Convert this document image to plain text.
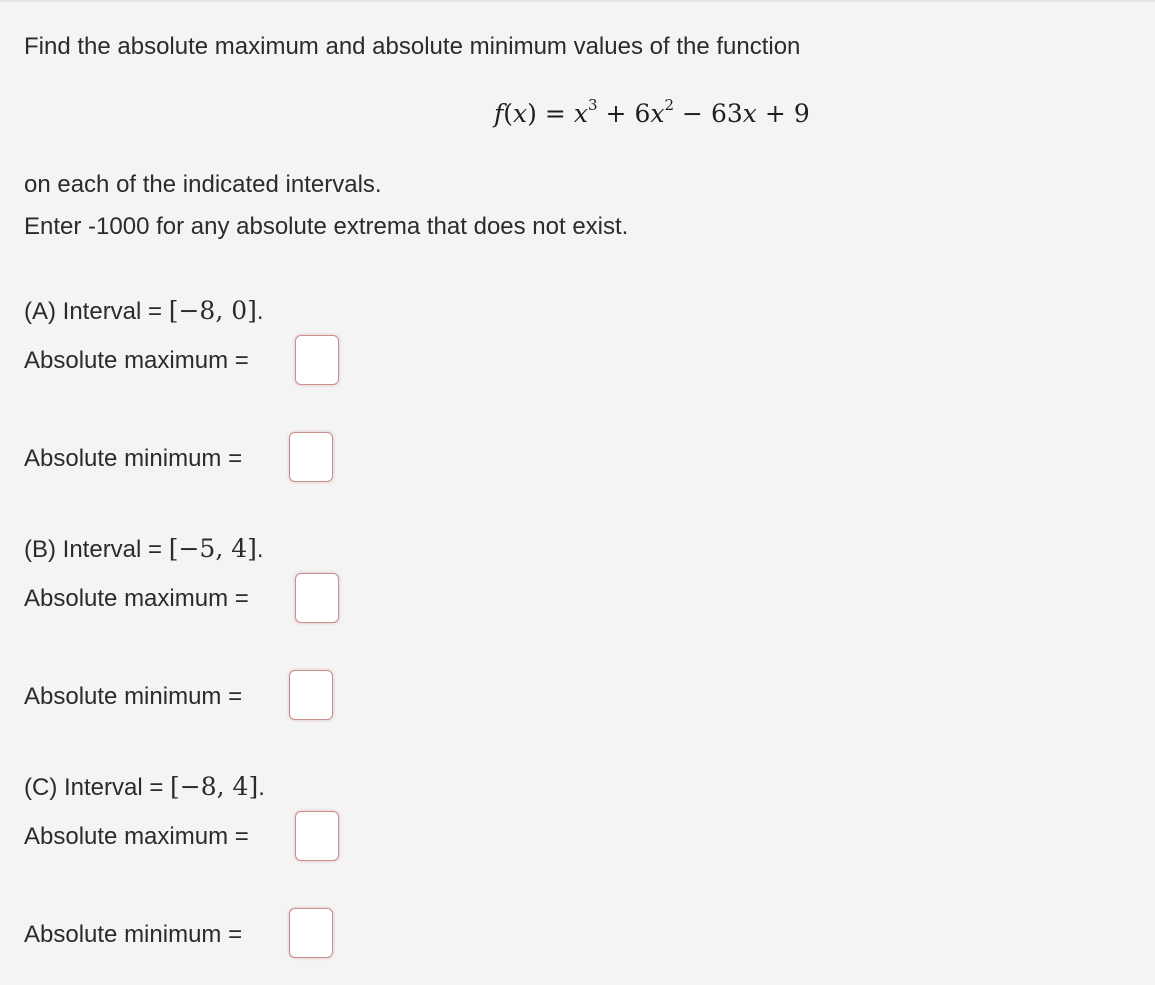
Find the absolute maximum and absolute minimum values of the function
$f(x) = x^3 + 6x^2 - 63x + 9$
on each of the indicated intervals.
Enter -1000 for any absolute extrema that does not exist.
(A) Interval = [−8, 0].
Absolute maximum =
Absolute minimum =
(B) Interval = [−5, 4].
Absolute maximum =
Absolute minimum =
(C) Interval = [−8, 4].
Absolute maximum =
Absolute minimum =
